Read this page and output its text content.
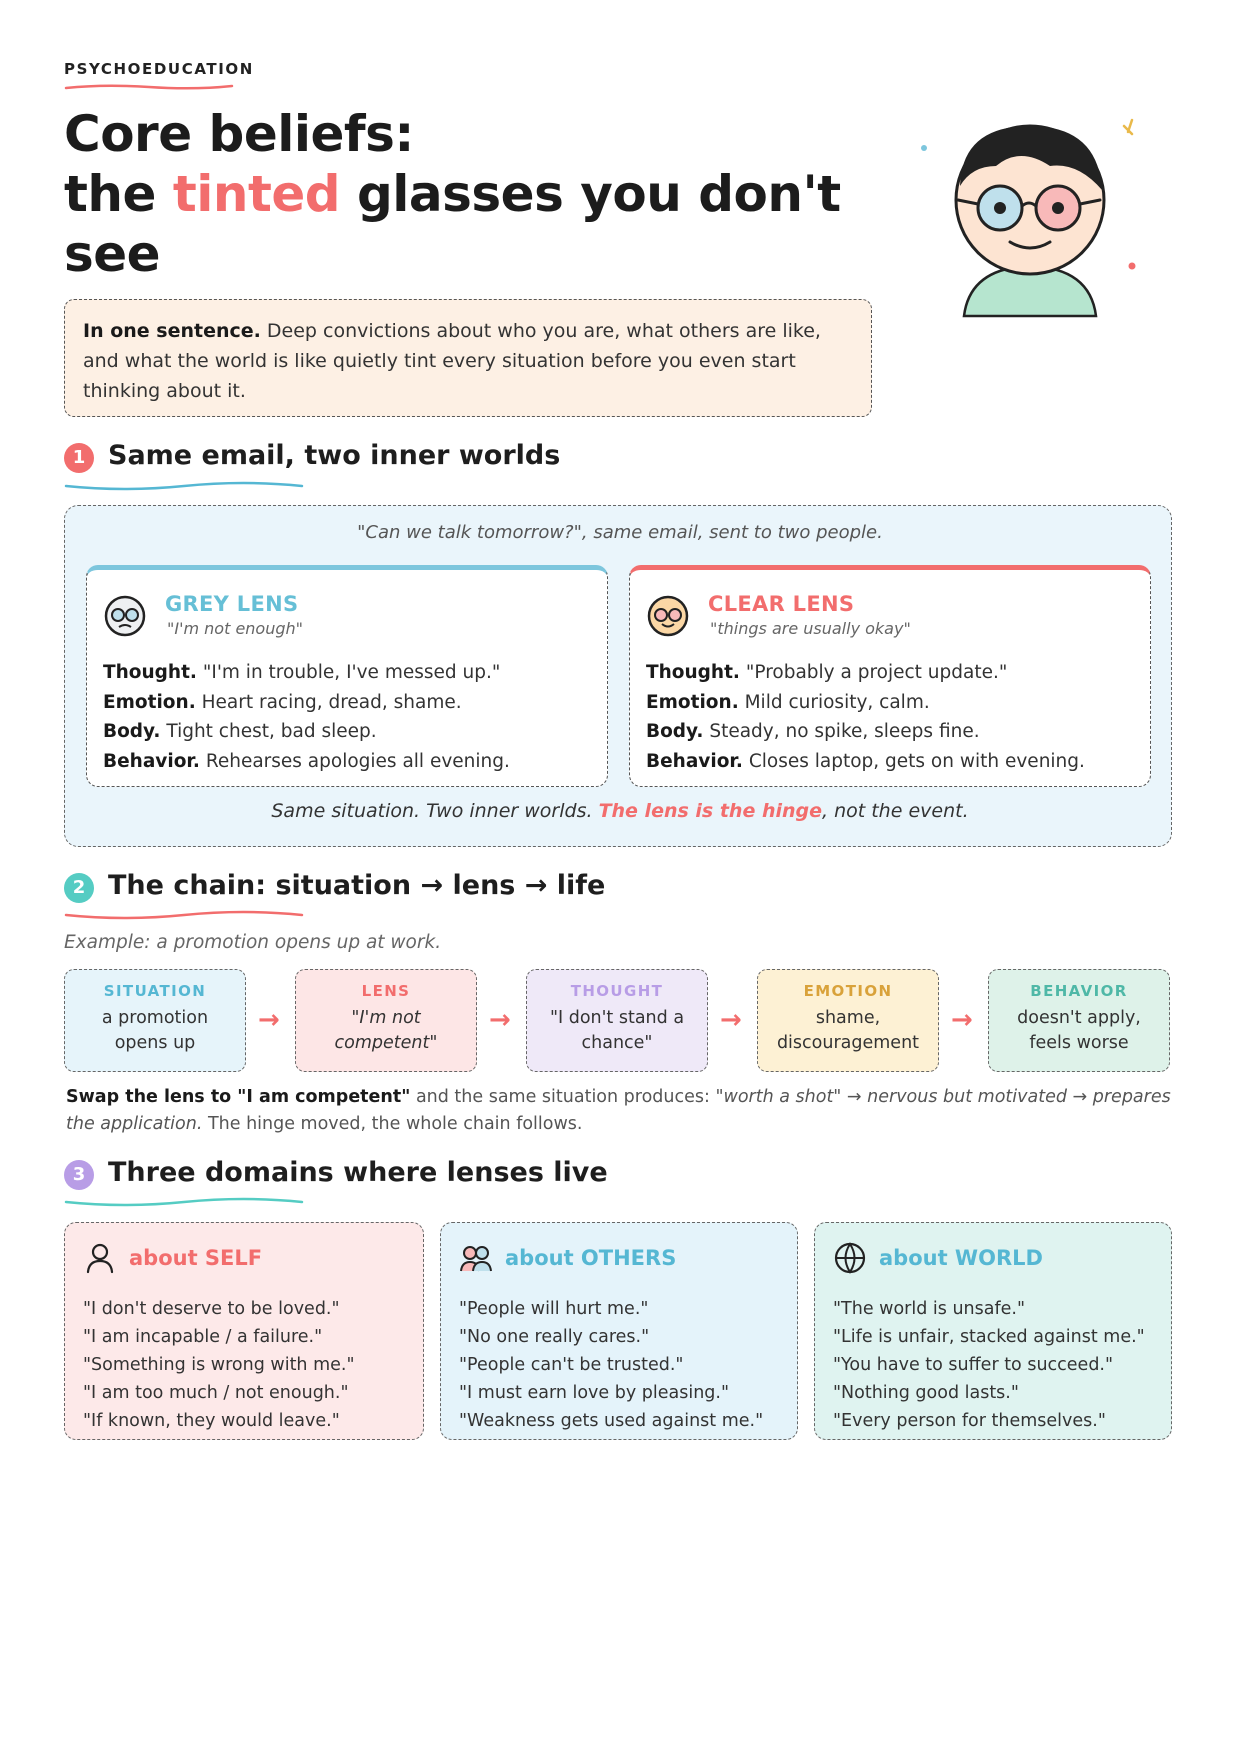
PSYCHOEDUCATION
Core beliefs:
the tinted glasses you don't see
In one sentence. Deep convictions about who you are, what others are like, and what the world is like quietly tint every situation before you even start thinking about it.
1 Same email, two inner worlds
"Can we talk tomorrow?", same email, sent to two people.
GREY LENS
"I'm not enough"
Thought. "I'm in trouble, I've messed up."
Emotion. Heart racing, dread, shame.
Body. Tight chest, bad sleep.
Behavior. Rehearses apologies all evening.
CLEAR LENS
"things are usually okay"
Thought. "Probably a project update."
Emotion. Mild curiosity, calm.
Body. Steady, no spike, sleeps fine.
Behavior. Closes laptop, gets on with evening.
Same situation. Two inner worlds. The lens is the hinge, not the event.
2 The chain: situation → lens → life
Example: a promotion opens up at work.
SITUATION
a promotion
opens up
→
LENS
"I'm not
competent"
→
THOUGHT
"I don't stand a
chance"
→
EMOTION
shame,
discouragement
→
BEHAVIOR
doesn't apply,
feels worse
Swap the lens to "I am competent" and the same situation produces: "worth a shot" → nervous but motivated → prepares the application. The hinge moved, the whole chain follows.
3 Three domains where lenses live
about SELF
"I don't deserve to be loved."
"I am incapable / a failure."
"Something is wrong with me."
"I am too much / not enough."
"If known, they would leave."
about OTHERS
"People will hurt me."
"No one really cares."
"People can't be trusted."
"I must earn love by pleasing."
"Weakness gets used against me."
about WORLD
"The world is unsafe."
"Life is unfair, stacked against me."
"You have to suffer to succeed."
"Nothing good lasts."
"Every person for themselves."
